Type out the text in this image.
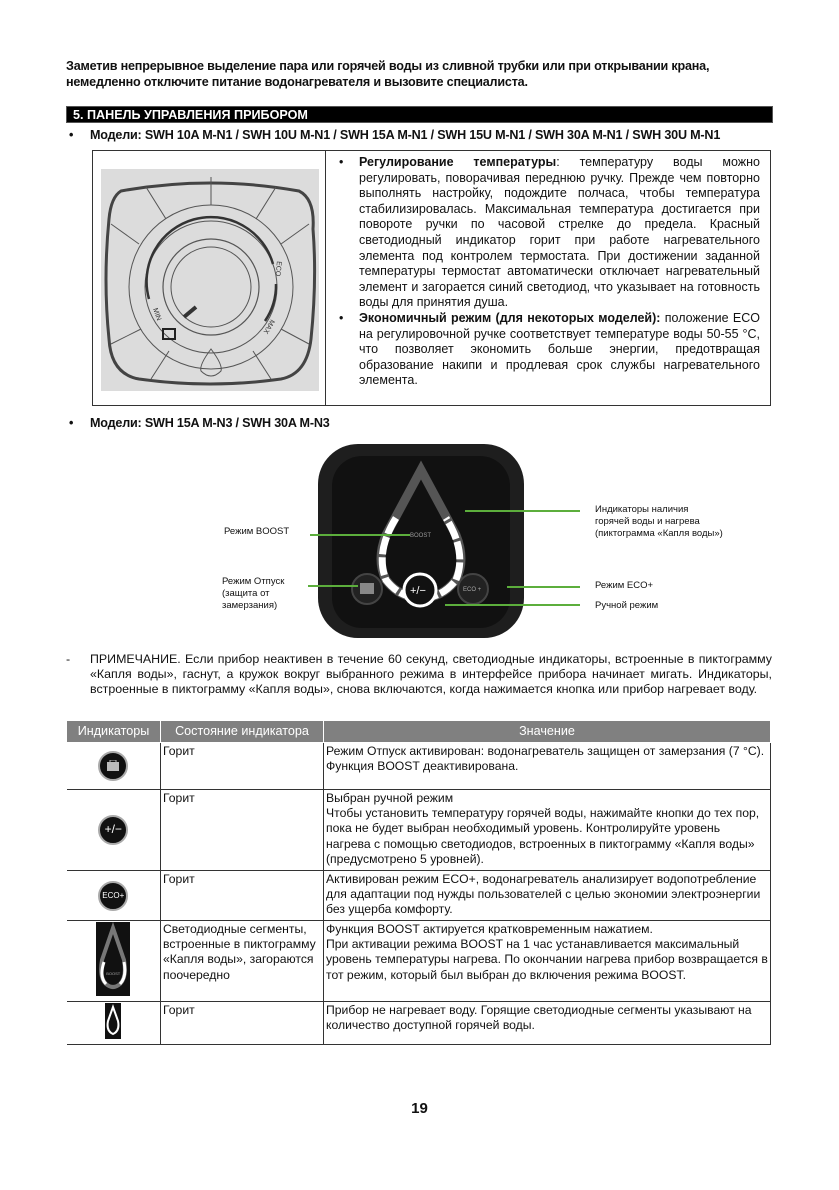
Заметив непрерывное выделение пара или горячей воды из сливной трубки или при открывании крана, немедленно отключите питание водонагревателя и вызовите специалиста.
5. ПАНЕЛЬ УПРАВЛЕНИЯ ПРИБОРОМ
• Модели: SWH 10A M-N1 / SWH 10U M-N1 / SWH 15A M-N1 / SWH 15U M-N1 / SWH 30A M-N1 / SWH 30U M-N1
MIN
ECO
MAX
• Регулирование температуры: температуру воды можно регулировать, поворачивая переднюю ручку. Прежде чем повторно выполнять настройку, подождите полчаса, чтобы температура стабилизировалась. Максимальная температура достигается при повороте ручки по часовой стрелке до предела. Красный светодиодный индикатор горит при работе нагревательного элемента под контролем термостата. При достижении заданной температуры термостат автоматически отключает нагревательный элемент и загорается синий светодиод, что указывает на готовность воды для принятия душа.
• Экономичный режим (для некоторых моделей): положение ECO на регулировочной ручке соответствует температуре воды 50-55 °C, что позволяет экономить больше энергии, предотвращая образование накипи и продлевая срок службы нагревательного элемента.
• Модели: SWH 15A M-N3 / SWH 30A M-N3
BOOST
ECO +
+/−
Режим BOOST
Режим Отпуск (защита от замерзания)
Индикаторы наличия горячей воды и нагрева (пиктограмма «Капля воды»)
Режим ECO+
Ручной режим
- ПРИМЕЧАНИЕ. Если прибор неактивен в течение 60 секунд, светодиодные индикаторы, встроенные в пиктограмму «Капля воды», гаснут, а кружок вокруг выбранного режима в интерфейсе прибора начинает мигать. Индикаторы, встроенные в пиктограмму «Капля воды», снова включаются, когда нажимается кнопка или прибор нагревает воду.
Индикаторы	Состояние индикатора	Значение

	Горит	Режим Отпуск активирован: водонагреватель защищен от замерзания (7 °C). Функция BOOST деактивирована.
+/−	Горит	Выбран ручной режим
Чтобы установить температуру горячей воды, нажимайте кнопки до тех пор, пока не будет выбран необходимый уровень. Контролируйте уровень нагрева с помощью светодиодов, встроенных в пиктограмму «Капля воды» (предусмотрено 5 уровней).

ECO+	Горит	Активирован режим ECO+, водонагреватель анализирует водопотребление для адаптации под нужды пользователей с целью экономии электроэнергии без ущерба комфорту.

BOOST	Светодиодные сегменты, встроенные в пиктограмму «Капля воды», загораются поочередно	Функция BOOST актируется кратковременным нажатием.
При активации режима BOOST на 1 час устанавливается максимальный уровень температуры нагрева. По окончании нагрева прибор возвращается в тот режим, который был выбран до включения режима BOOST.

	Горит	Прибор не нагревает воду. Горящие светодиодные сегменты указывают на количество доступной горячей воды.
19
